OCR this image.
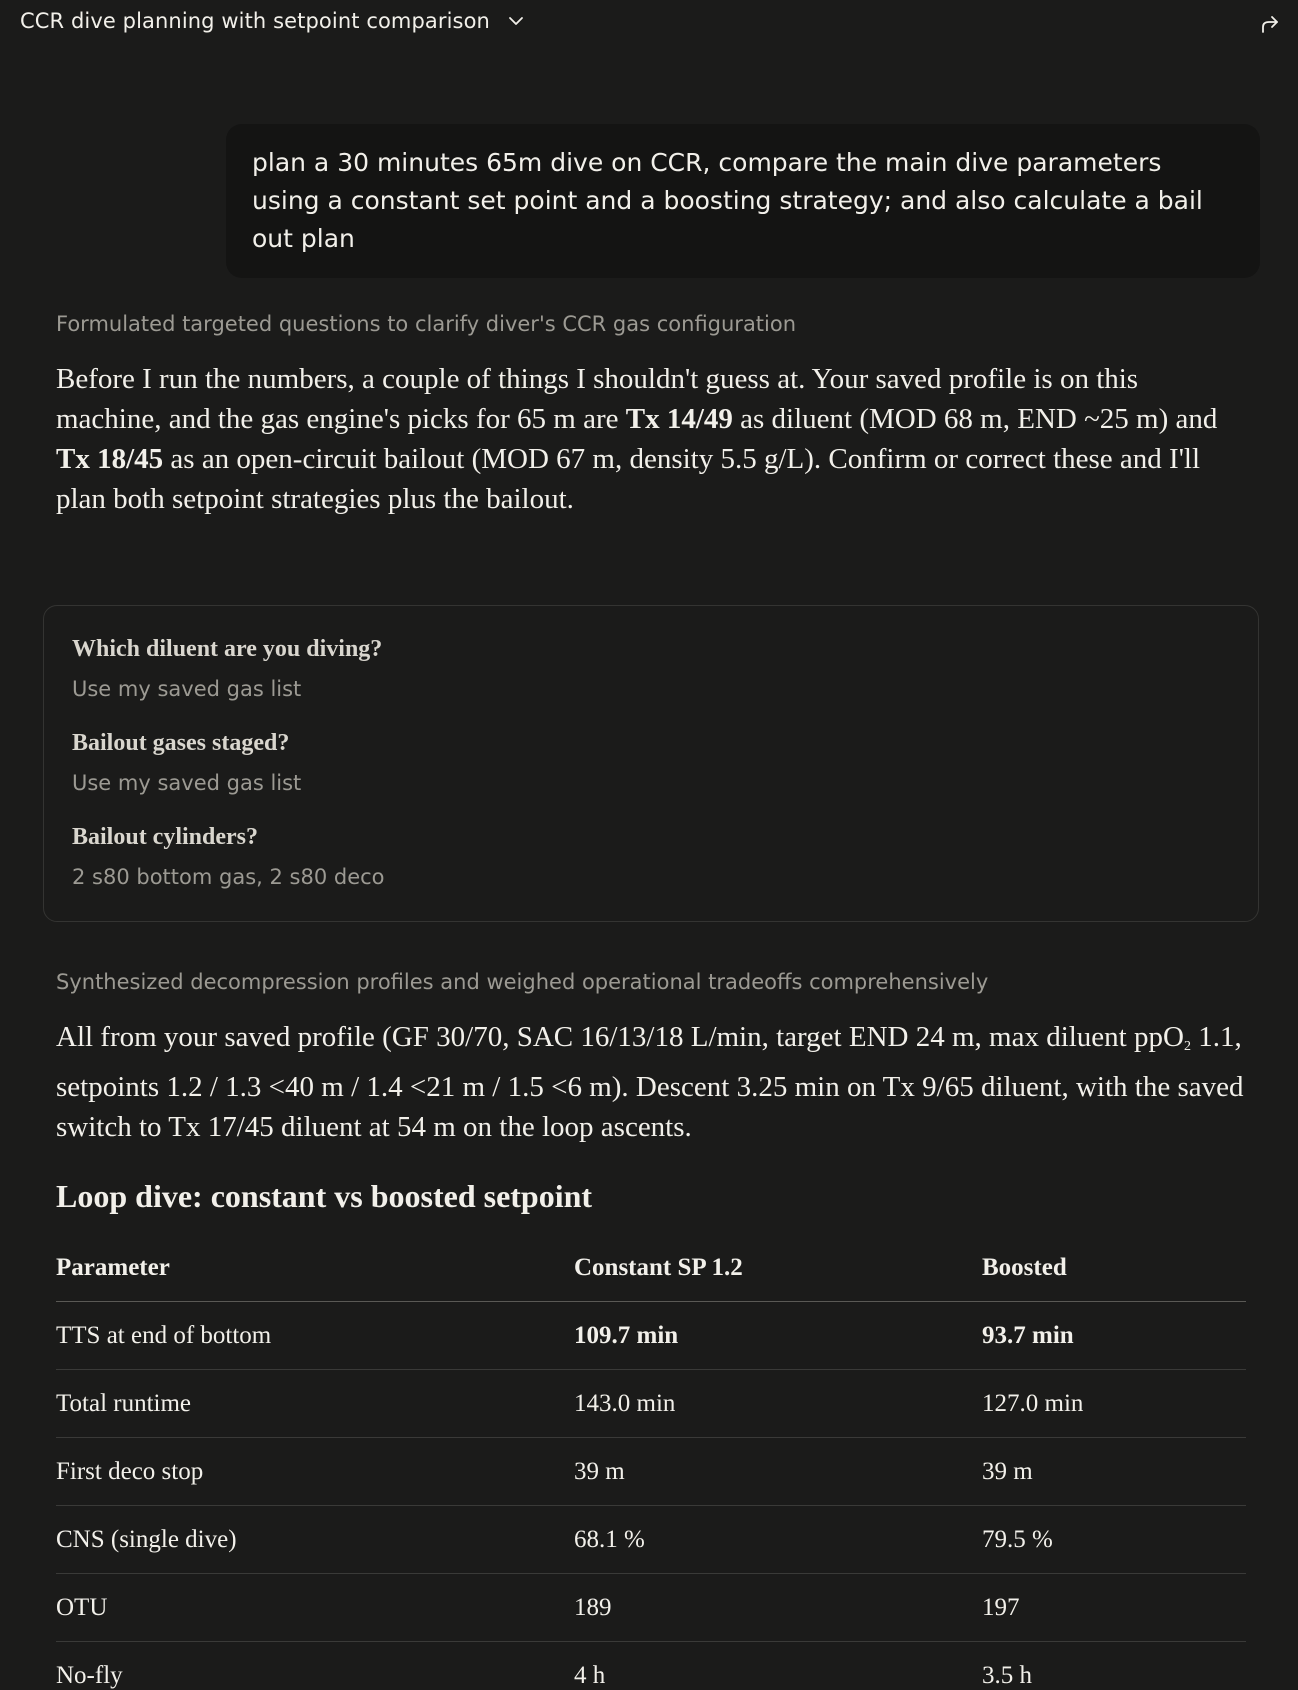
CCR dive planning with setpoint comparison
plan a 30 minutes 65m dive on CCR, compare the main dive parameters using a constant set point and a boosting strategy; and also calculate a bail out plan
Formulated targeted questions to clarify diver's CCR gas configuration
Before I run the numbers, a couple of things I shouldn't guess at. Your saved profile is on this machine, and the gas engine's picks for 65 m are Tx 14/49 as diluent (MOD 68 m, END ~25 m) and Tx 18/45 as an open-circuit bailout (MOD 67 m, density 5.5 g/L). Confirm or correct these and I'll plan both setpoint strategies plus the bailout.
Which diluent are you diving?
Use my saved gas list
Bailout gases staged?
Use my saved gas list
Bailout cylinders?
2 s80 bottom gas, 2 s80 deco
Synthesized decompression profiles and weighed operational tradeoffs comprehensively
All from your saved profile (GF 30/70, SAC 16/13/18 L/min, target END 24 m, max diluent ppO$_2$ 1.1, setpoints 1.2 / 1.3 <40 m / 1.4 <21 m / 1.5 <6 m). Descent 3.25 min on Tx 9/65 diluent, with the saved switch to Tx 17/45 diluent at 54 m on the loop ascents.
Loop dive: constant vs boosted setpoint
Parameter	Constant SP 1.2	Boosted
TTS at end of bottom	109.7 min	93.7 min
Total runtime	143.0 min	127.0 min
First deco stop	39 m	39 m
CNS (single dive)	68.1 %	79.5 %
OTU	189	197
No-fly	4 h	3.5 h
